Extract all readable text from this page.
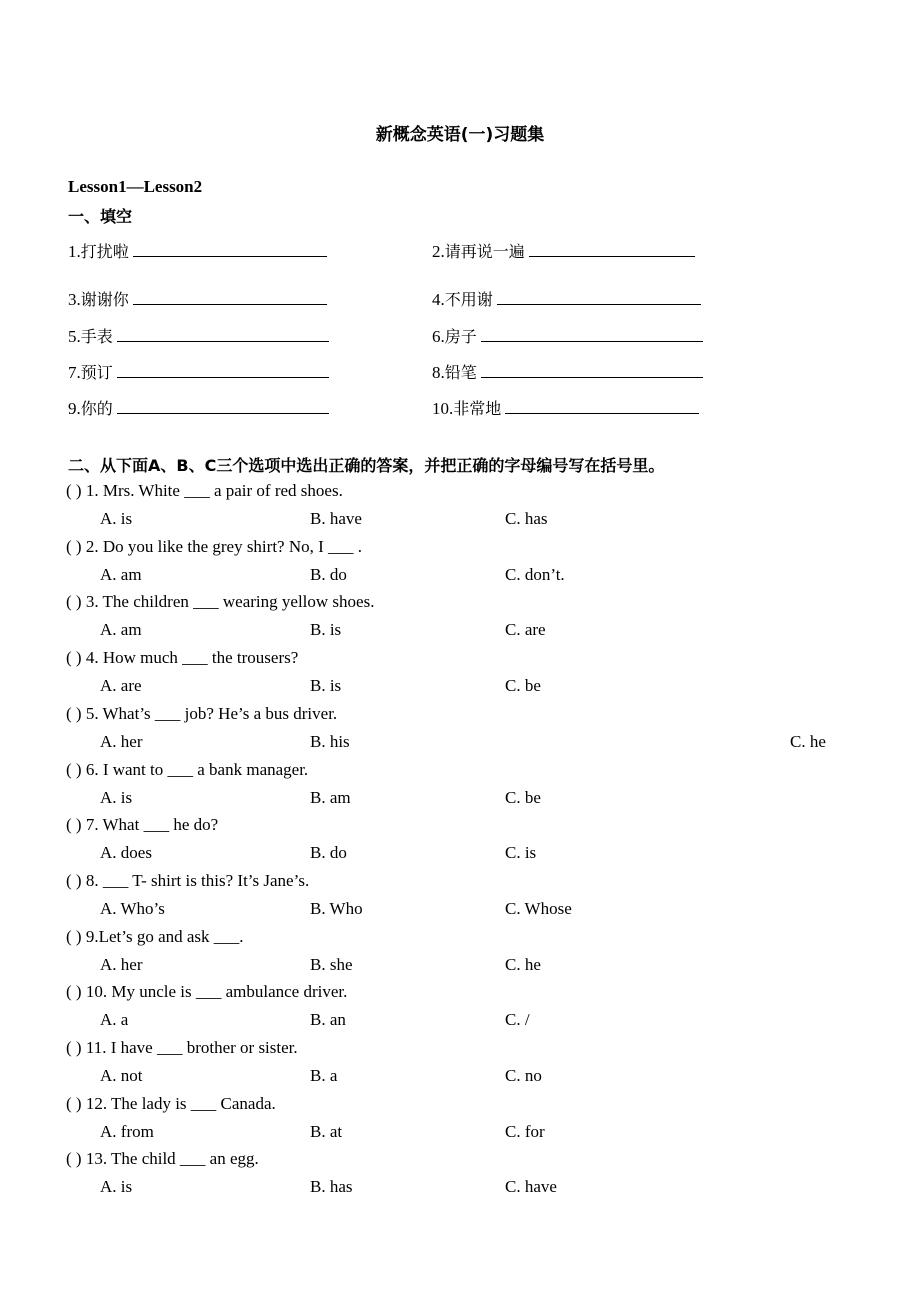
新概念英语(一)习题集
Lesson1—Lesson2
一、填空
1.打扰啦	2.请再说一遍
3.谢谢你	4.不用谢
5.手表	6.房子
7.预订	8.铅笔
9.你的	10.非常地
二、从下面A、B、C三个选项中选出正确的答案，并把正确的字母编号写在括号里。
( ) 1. Mrs. White ___ a pair of red shoes.
A. is	B. have	C. has
( ) 2. Do you like the grey shirt? No, I ___ .
A. am	B. do	C. don’t.
( ) 3. The children ___ wearing yellow shoes.
A. am	B. is	C. are
( ) 4. How much ___ the trousers?
A. are	B. is	C. be
( ) 5. What’s ___ job? He’s a bus driver.
A. her	B. his	C. he
( ) 6. I want to ___ a bank manager.
A. is	B. am	C. be
( ) 7. What ___ he do?
A. does	B. do	C. is
( ) 8. ___ T- shirt is this? It’s Jane’s.
A. Who’s	B. Who	C. Whose
( ) 9.Let’s go and ask ___.
A. her	B. she	C. he
( ) 10. My uncle is ___ ambulance driver.
A. a	B. an	C. /
( ) 11. I have ___ brother or sister.
A. not	B. a	C. no
( ) 12. The lady is ___ Canada.
A. from	B. at	C. for
( ) 13. The child ___ an egg.
A. is	B. has	C. have
